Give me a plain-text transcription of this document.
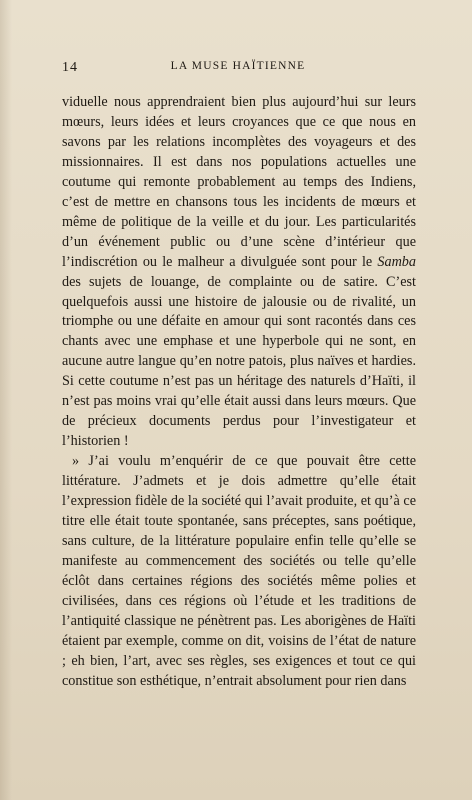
14	LA MUSE HAÏTIENNE

viduelle nous apprendraient bien plus aujourd’hui sur leurs mœurs, leurs idées et leurs croyances que ce que nous en savons par les relations incomplètes des voyageurs et des missionnaires. Il est dans nos populations actuelles une coutume qui remonte probablement au temps des Indiens, c’est de mettre en chansons tous les incidents de mœurs et même de politique de la veille et du jour. Les particularités d’un événement public ou d’une scène d’intérieur que l’indiscrétion ou le malheur a divulguée sont pour le Samba des sujets de louange, de complainte ou de satire. C’est quelquefois aussi une histoire de jalousie ou de rivalité, un triomphe ou une défaite en amour qui sont racontés dans ces chants avec une emphase et une hyperbole qui ne sont, en aucune autre langue qu’en notre patois, plus naïves et hardies. Si cette coutume n’est pas un héritage des naturels d’Haïti, il n’est pas moins vrai qu’elle était aussi dans leurs mœurs. Que de précieux documents perdus pour l’investigateur et l’historien !

» J’ai voulu m’enquérir de ce que pouvait être cette littérature. J’admets et je dois admettre qu’elle était l’expression fidèle de la société qui l’avait produite, et qu’à ce titre elle était toute spontanée, sans préceptes, sans poétique, sans culture, de la littérature populaire enfin telle qu’elle se manifeste au commencement des sociétés ou telle qu’elle éclôt dans certaines régions des sociétés même polies et civilisées, dans ces régions où l’étude et les traditions de l’antiquité classique ne pénètrent pas. Les aborigènes de Haïti étaient par exemple, comme on dit, voisins de l’état de nature ; eh bien, l’art, avec ses règles, ses exigences et tout ce qui constitue son esthétique, n’entrait absolument pour rien dans
